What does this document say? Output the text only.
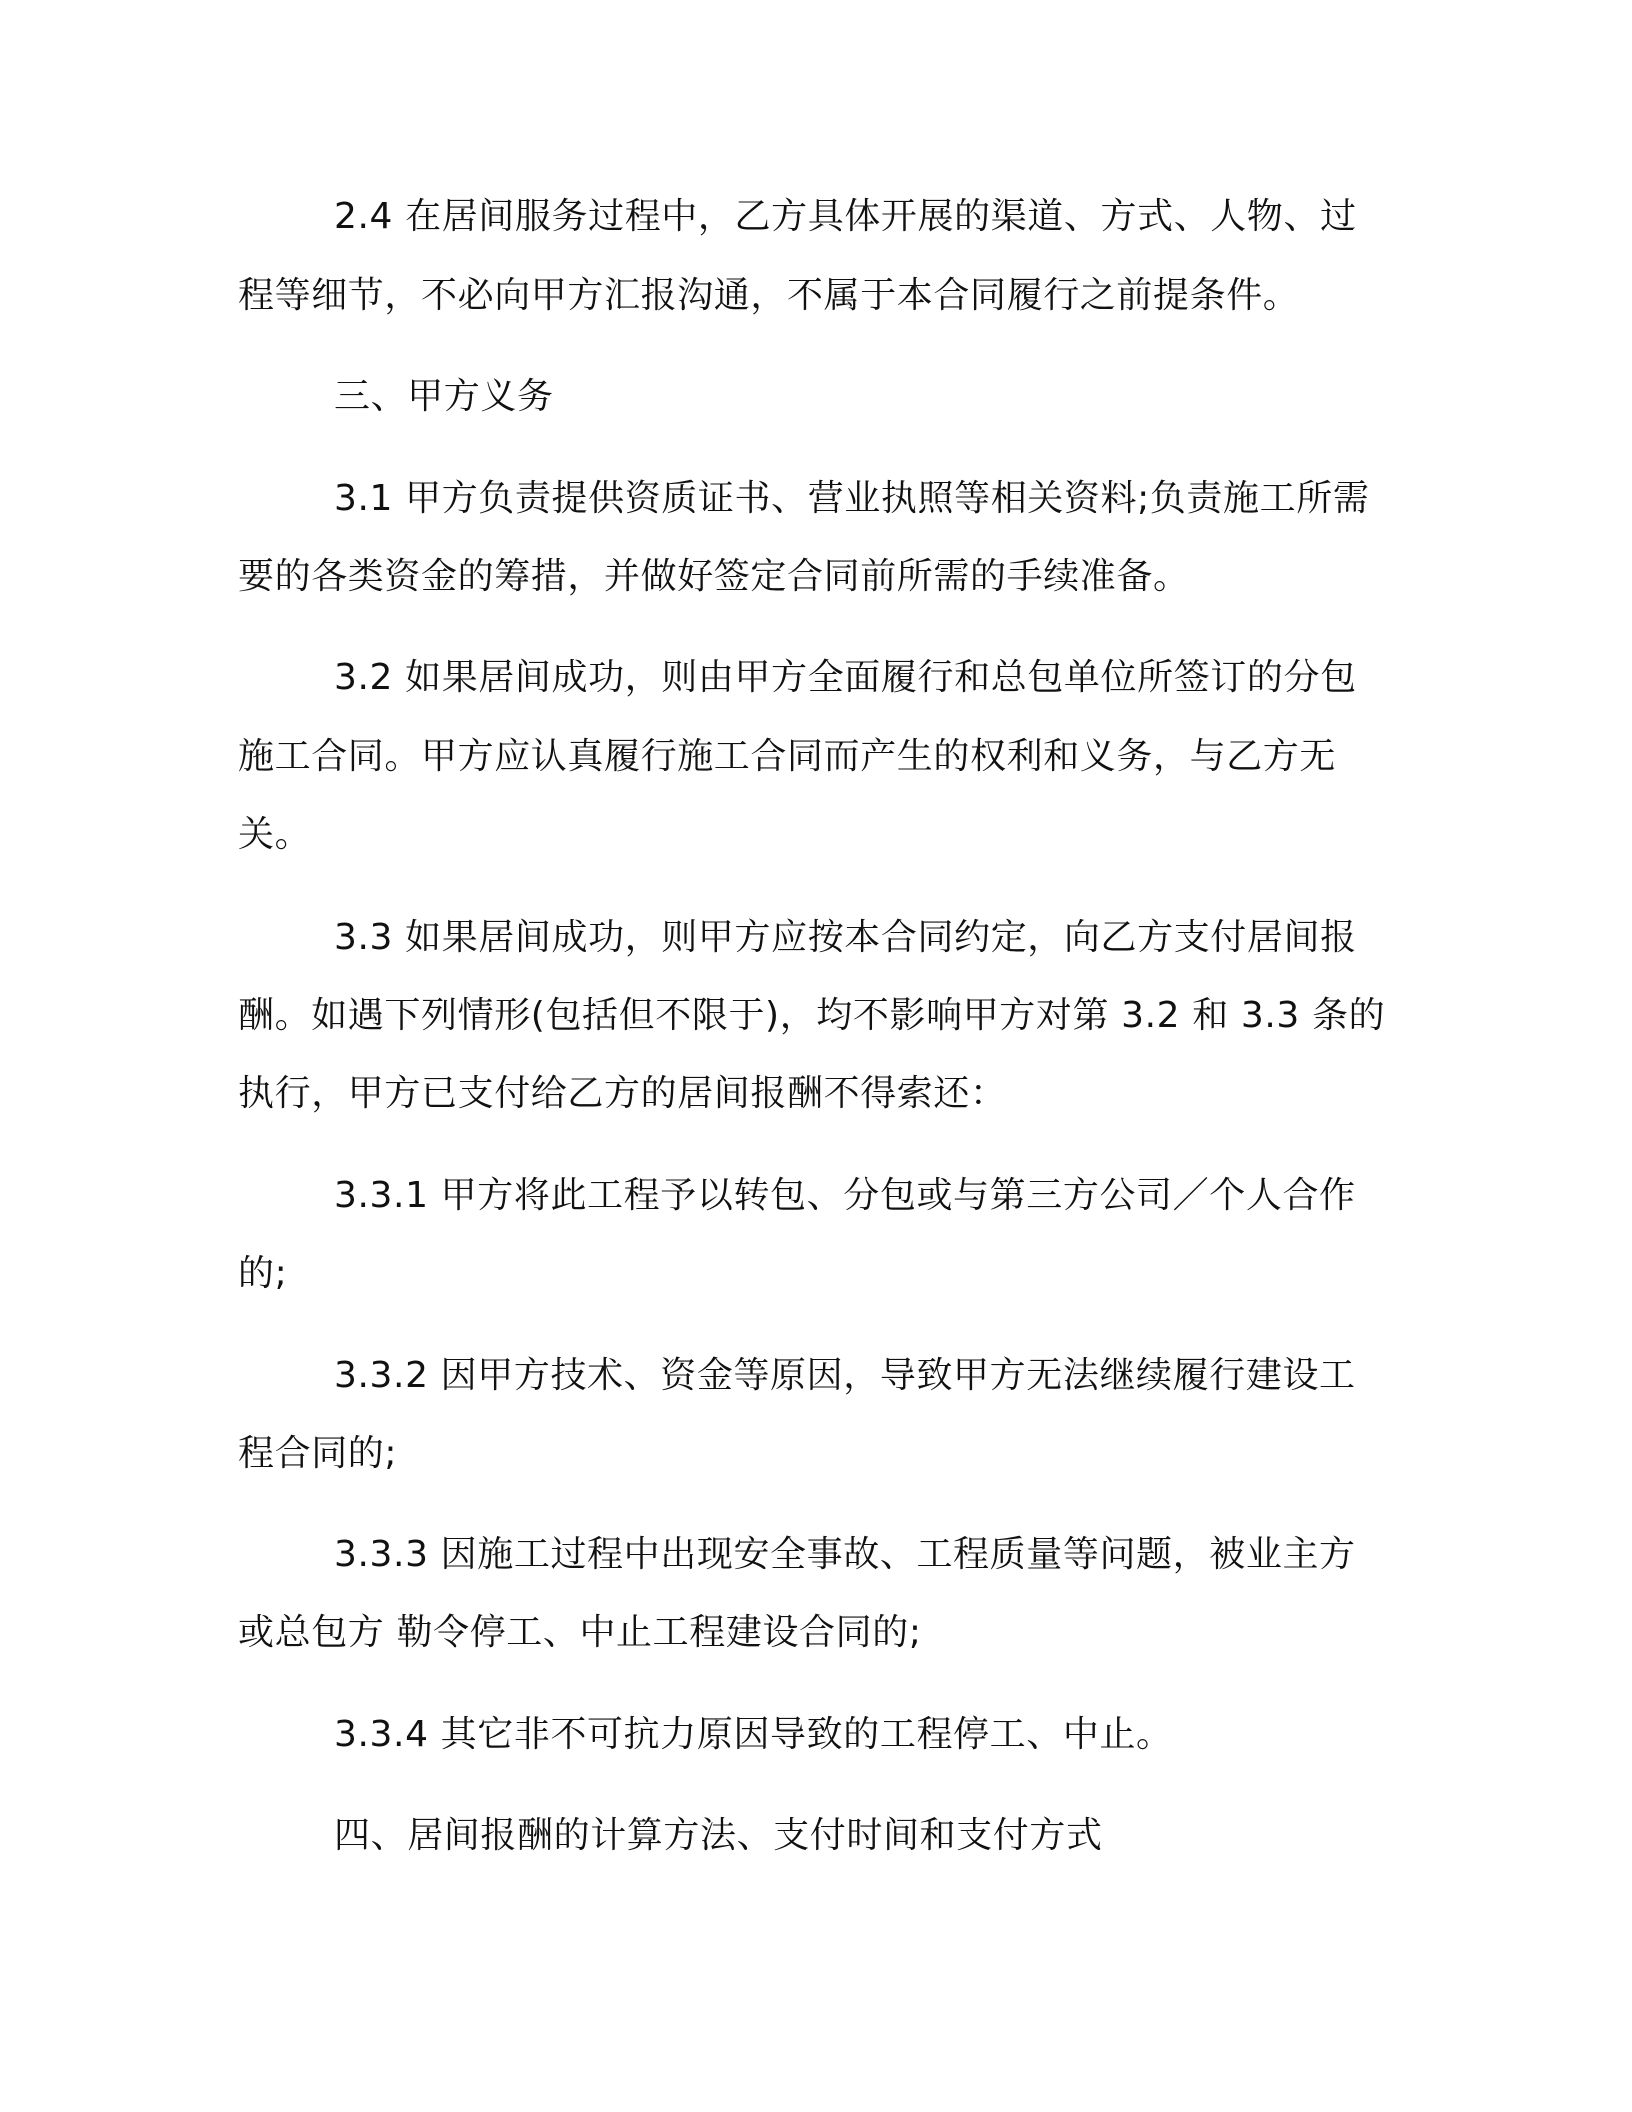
2.4 在居间服务过程中，乙方具体开展的渠道、方式、人物、过
程等细节，不必向甲方汇报沟通，不属于本合同履行之前提条件。
三、甲方义务
3.1 甲方负责提供资质证书、营业执照等相关资料;负责施工所需
要的各类资金的筹措，并做好签定合同前所需的手续准备。
3.2 如果居间成功，则由甲方全面履行和总包单位所签订的分包
施工合同。甲方应认真履行施工合同而产生的权利和义务，与乙方无
关。
3.3 如果居间成功，则甲方应按本合同约定，向乙方支付居间报
酬。如遇下列情形(包括但不限于)，均不影响甲方对第 3.2 和 3.3 条的
执行，甲方已支付给乙方的居间报酬不得索还：
3.3.1 甲方将此工程予以转包、分包或与第三方公司／个人合作
的;
3.3.2 因甲方技术、资金等原因，导致甲方无法继续履行建设工
程合同的;
3.3.3 因施工过程中出现安全事故、工程质量等问题，被业主方
或总包方 勒令停工、中止工程建设合同的;
3.3.4 其它非不可抗力原因导致的工程停工、中止。
四、居间报酬的计算方法、支付时间和支付方式
